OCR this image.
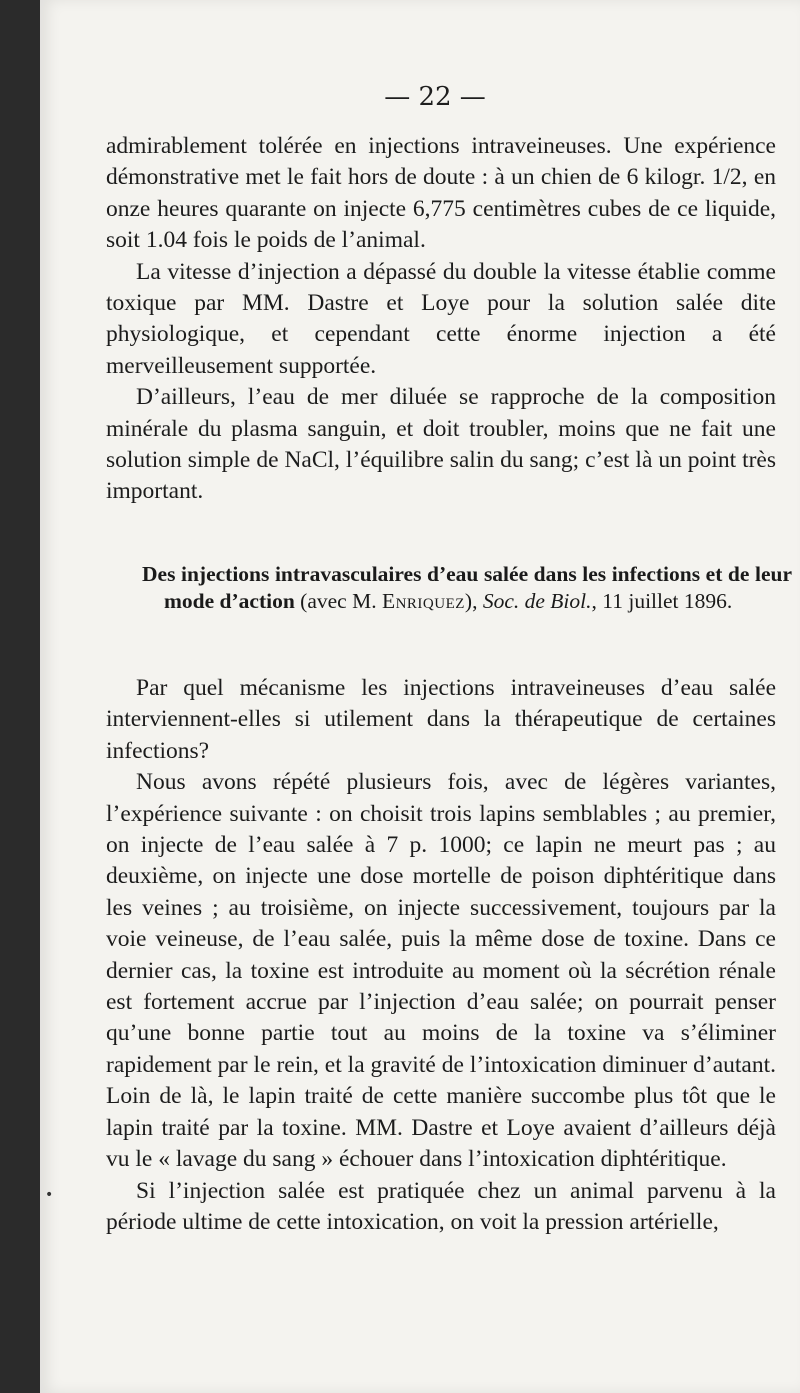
— 22 —

admirablement tolérée en injections intraveineuses. Une expérience démonstrative met le fait hors de doute : à un chien de 6 kilogr. 1/2, en onze heures quarante on injecte 6,775 centimètres cubes de ce liquide, soit 1.04 fois le poids de l’animal.

La vitesse d’injection a dépassé du double la vitesse établie comme toxique par MM. Dastre et Loye pour la solution salée dite physiologique, et cependant cette énorme injection a été merveilleusement supportée.

D’ailleurs, l’eau de mer diluée se rapproche de la composition minérale du plasma sanguin, et doit troubler, moins que ne fait une solution simple de NaCl, l’équilibre salin du sang; c’est là un point très important.

Des injections intravasculaires d’eau salée dans les infections et de leur mode d’action (avec M. Enriquez), Soc. de Biol., 11 juillet 1896.

Par quel mécanisme les injections intraveineuses d’eau salée interviennent-elles si utilement dans la thérapeutique de certaines infections?

Nous avons répété plusieurs fois, avec de légères variantes, l’expérience suivante : on choisit trois lapins semblables ; au premier, on injecte de l’eau salée à 7 p. 1000; ce lapin ne meurt pas ; au deuxième, on injecte une dose mortelle de poison diphtéritique dans les veines ; au troisième, on injecte successivement, toujours par la voie veineuse, de l’eau salée, puis la même dose de toxine. Dans ce dernier cas, la toxine est introduite au moment où la sécrétion rénale est fortement accrue par l’injection d’eau salée; on pourrait penser qu’une bonne partie tout au moins de la toxine va s’éliminer rapidement par le rein, et la gravité de l’intoxication diminuer d’autant. Loin de là, le lapin traité de cette manière succombe plus tôt que le lapin traité par la toxine. MM. Dastre et Loye avaient d’ailleurs déjà vu le « lavage du sang » échouer dans l’intoxication diphtéritique.

Si l’injection salée est pratiquée chez un animal parvenu à la période ultime de cette intoxication, on voit la pression artérielle,

•
